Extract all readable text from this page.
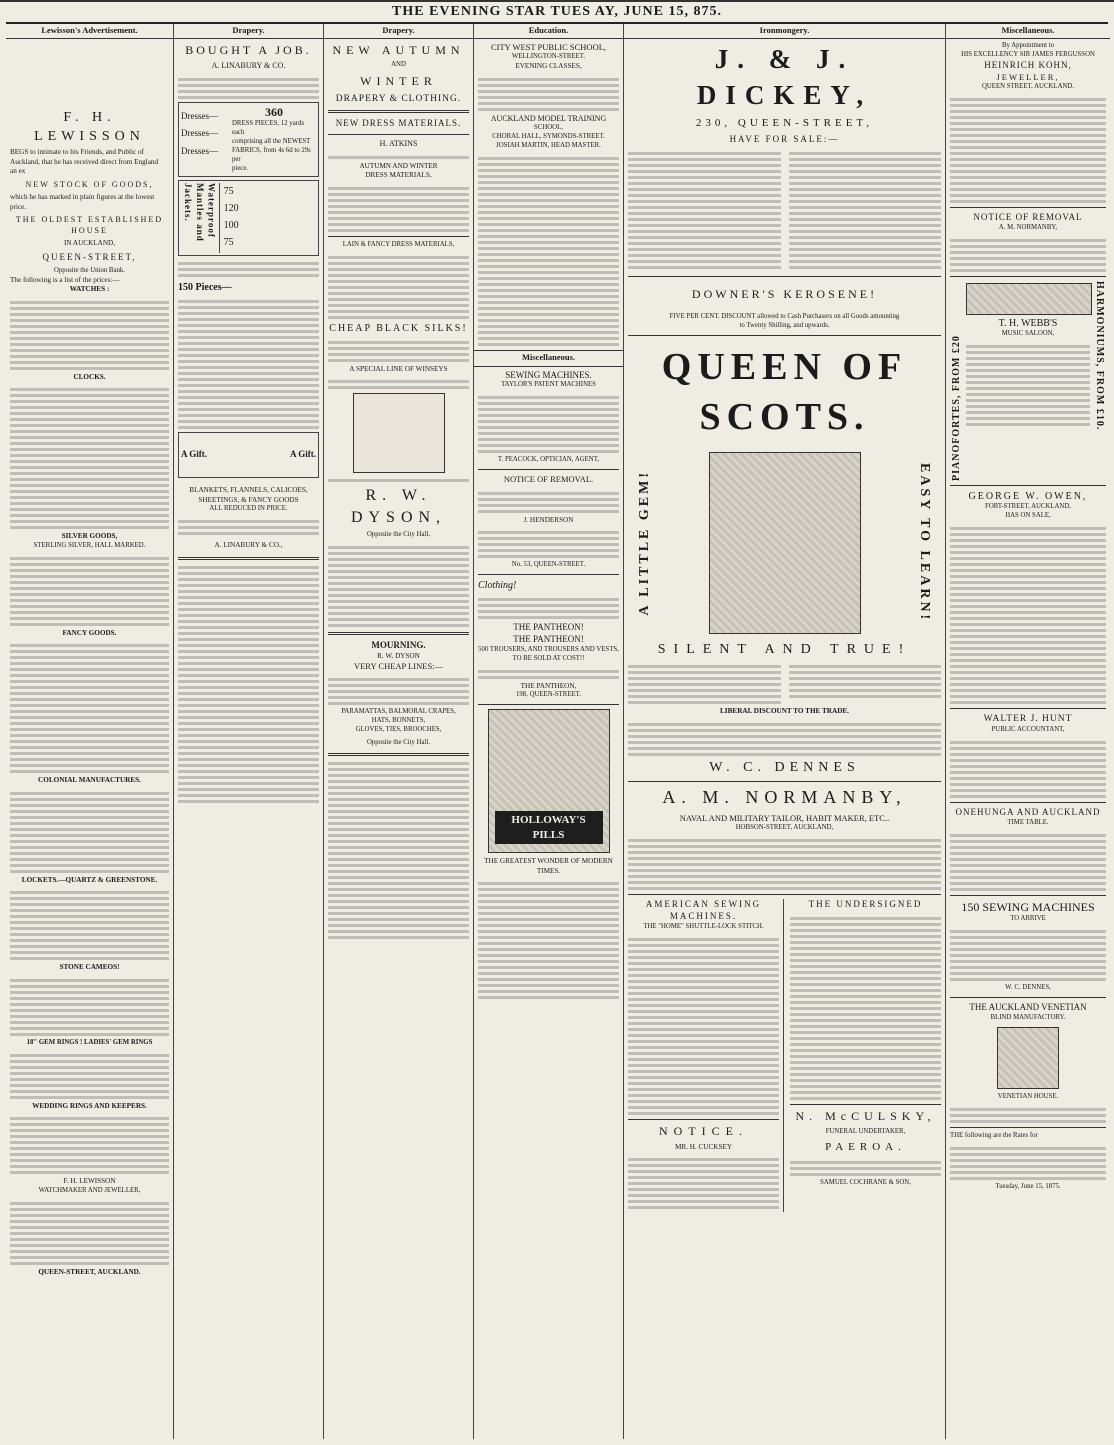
THE EVENING STAR TUES AY, JUNE 15, 875.
Lewisson's Advertisement.
F. H. LEWISSON
BEGS to intimate to his Friends, and Public of
Auckland, that he has received direct from England
an ex
NEW STOCK OF GOODS,
which he has marked in plain figures at the lowest
price.
THE OLDEST ESTABLISHED HOUSE
IN AUCKLAND,
QUEEN-STREET,
Opposite the Union Bank.
The following is a list of the prices:—
WATCHES :
CLOCKS.
SILVER GOODS,
STERLING SILVER, HALL MARKED.
FANCY GOODS.
COLONIAL MANUFACTURES.
LOCKETS.—QUARTZ & GREENSTONE.
STONE CAMEOS!
18" GEM RINGS ! LADIES' GEM RINGS
WEDDING RINGS AND KEEPERS.
F. H. LEWISSON
WATCHMAKER AND JEWELLER,
QUEEN-STREET, AUCKLAND.
Drapery.
BOUGHT A JOB.
A. LINABURY & CO.
Dresses—
Dresses—
Dresses—
360
DRESS PIECES, 12 yards each
comprising all the NEWEST
FABRICS, from 4s 6d to 29s per
piece.
Waterproof Mantles and Jackets.	75
120
100
75
150 Pieces—
A Gift.	A Gift.
BLANKETS, FLANNELS, CALICOES,
SHEETINGS, & FANCY GOODS
ALL REDUCED IN PRICE.
A. LINABURY & CO.,
Drapery.
NEW AUTUMN
AND
WINTER
DRAPERY & CLOTHING.
NEW DRESS MATERIALS.
H. ATKINS
AUTUMN AND WINTER
DRESS MATERIALS,
LAIN & FANCY DRESS MATERIALS,
CHEAP BLACK SILKS!
A SPECIAL LINE OF WINSEYS
R. W. DYSON,
Opposite the City Hall,
MOURNING.
R. W. DYSON
VERY CHEAP LINES:—
PARAMATTAS, BALMORAL CRAPES,
HATS, BONNETS,
GLOVES, TIES, BROOCHES,
Opposite the City Hall.
Education.
CITY WEST PUBLIC SCHOOL,
WELLINGTON-STREET.
EVENING CLASSES,
AUCKLAND MODEL TRAINING
SCHOOL,
CHORAL HALL, SYMONDS-STREET.
JOSIAH MARTIN, HEAD MASTER.
Miscellaneous.
SEWING MACHINES.
TAYLOR'S PATENT MACHINES
T. PEACOCK, OPTICIAN, AGENT,
NOTICE OF REMOVAL.
J. HENDERSON
No. 53, QUEEN-STREET.
Clothing!
THE PANTHEON!
THE PANTHEON!
500 TROUSERS, AND TROUSERS AND VESTS,
TO BE SOLD AT COST!!
THE PANTHEON,
198, QUEEN-STREET.
HOLLOWAY'S PILLS
THE GREATEST WONDER OF MODERN TIMES.
Ironmongery.
J. & J. DICKEY,
230, QUEEN-STREET,
HAVE FOR SALE:—
DOWNER'S KEROSENE!
FIVE PER CENT. DISCOUNT allowed to Cash Purchasers on all Goods amounting
to Twenty Shilling, and upwards.
QUEEN OF SCOTS.
A LITTLE GEM!	EASY TO LEARN!
SILENT AND TRUE!
LIBERAL DISCOUNT TO THE TRADE.
W. C. DENNES
A. M. NORMANBY,
NAVAL AND MILITARY TAILOR, HABIT MAKER, ETC..
HOBSON-STREET, AUCKLAND,
AMERICAN SEWING MACHINES.
THE "HOME" SHUTTLE-LOCK STITCH.
NOTICE.
MR. H. CUCKSEY
THE UNDERSIGNED
N. McCULSKY,
FUNERAL UNDERTAKER,
PAEROA.
SAMUEL COCHRANE & SON,
Miscellaneous.
By Appointment to
HIS EXCELLENCY SIR JAMES FERGUSSON
HEINRICH KOHN,
JEWELLER,
QUEEN STREET, AUCKLAND.
NOTICE OF REMOVAL
A. M. NORMANBY,
PIANOFORTES, FROM £20
T. H. WEBB'S
MUSIC SALOON,	HARMONIUMS, FROM £10.
GEORGE W. OWEN,
FORT-STREET, AUCKLAND,
HAS ON SALE,
WALTER J. HUNT
PUBLIC ACCOUNTANT,
ONEHUNGA AND AUCKLAND
TIME TABLE.
150 SEWING MACHINES
TO ARRIVE
W. C. DENNES,
THE AUCKLAND VENETIAN
BLIND MANUFACTORY.
VENETIAN HOUSE.
THE following are the Rates for
Tuesday, June 15, 1875.
